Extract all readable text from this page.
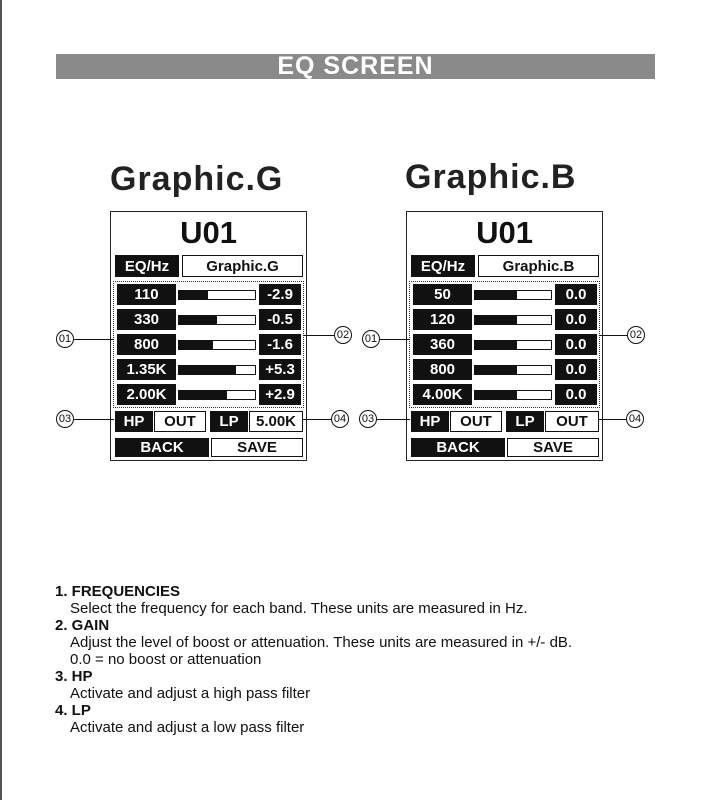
EQ SCREEN
Graphic.G
U01
EQ/Hz	Graphic.G
110	-2.9
330	-0.5
800	-1.6
1.35K	+5.3
2.00K	+2.9
HP	OUT	LP	5.00K
BACK	SAVE
01	02
03	04
Graphic.B
U01
EQ/Hz	Graphic.B
50	0.0
120	0.0
360	0.0
800	0.0
4.00K	0.0
HP	OUT	LP	OUT
BACK	SAVE
01	02
03	04
1. FREQUENCIES
Select the frequency for each band. These units are measured in Hz.
2. GAIN
Adjust the level of boost or attenuation. These units are measured in +/- dB.
0.0 = no boost or attenuation
3. HP
Activate and adjust a high pass filter
4. LP
Activate and adjust a low pass filter
